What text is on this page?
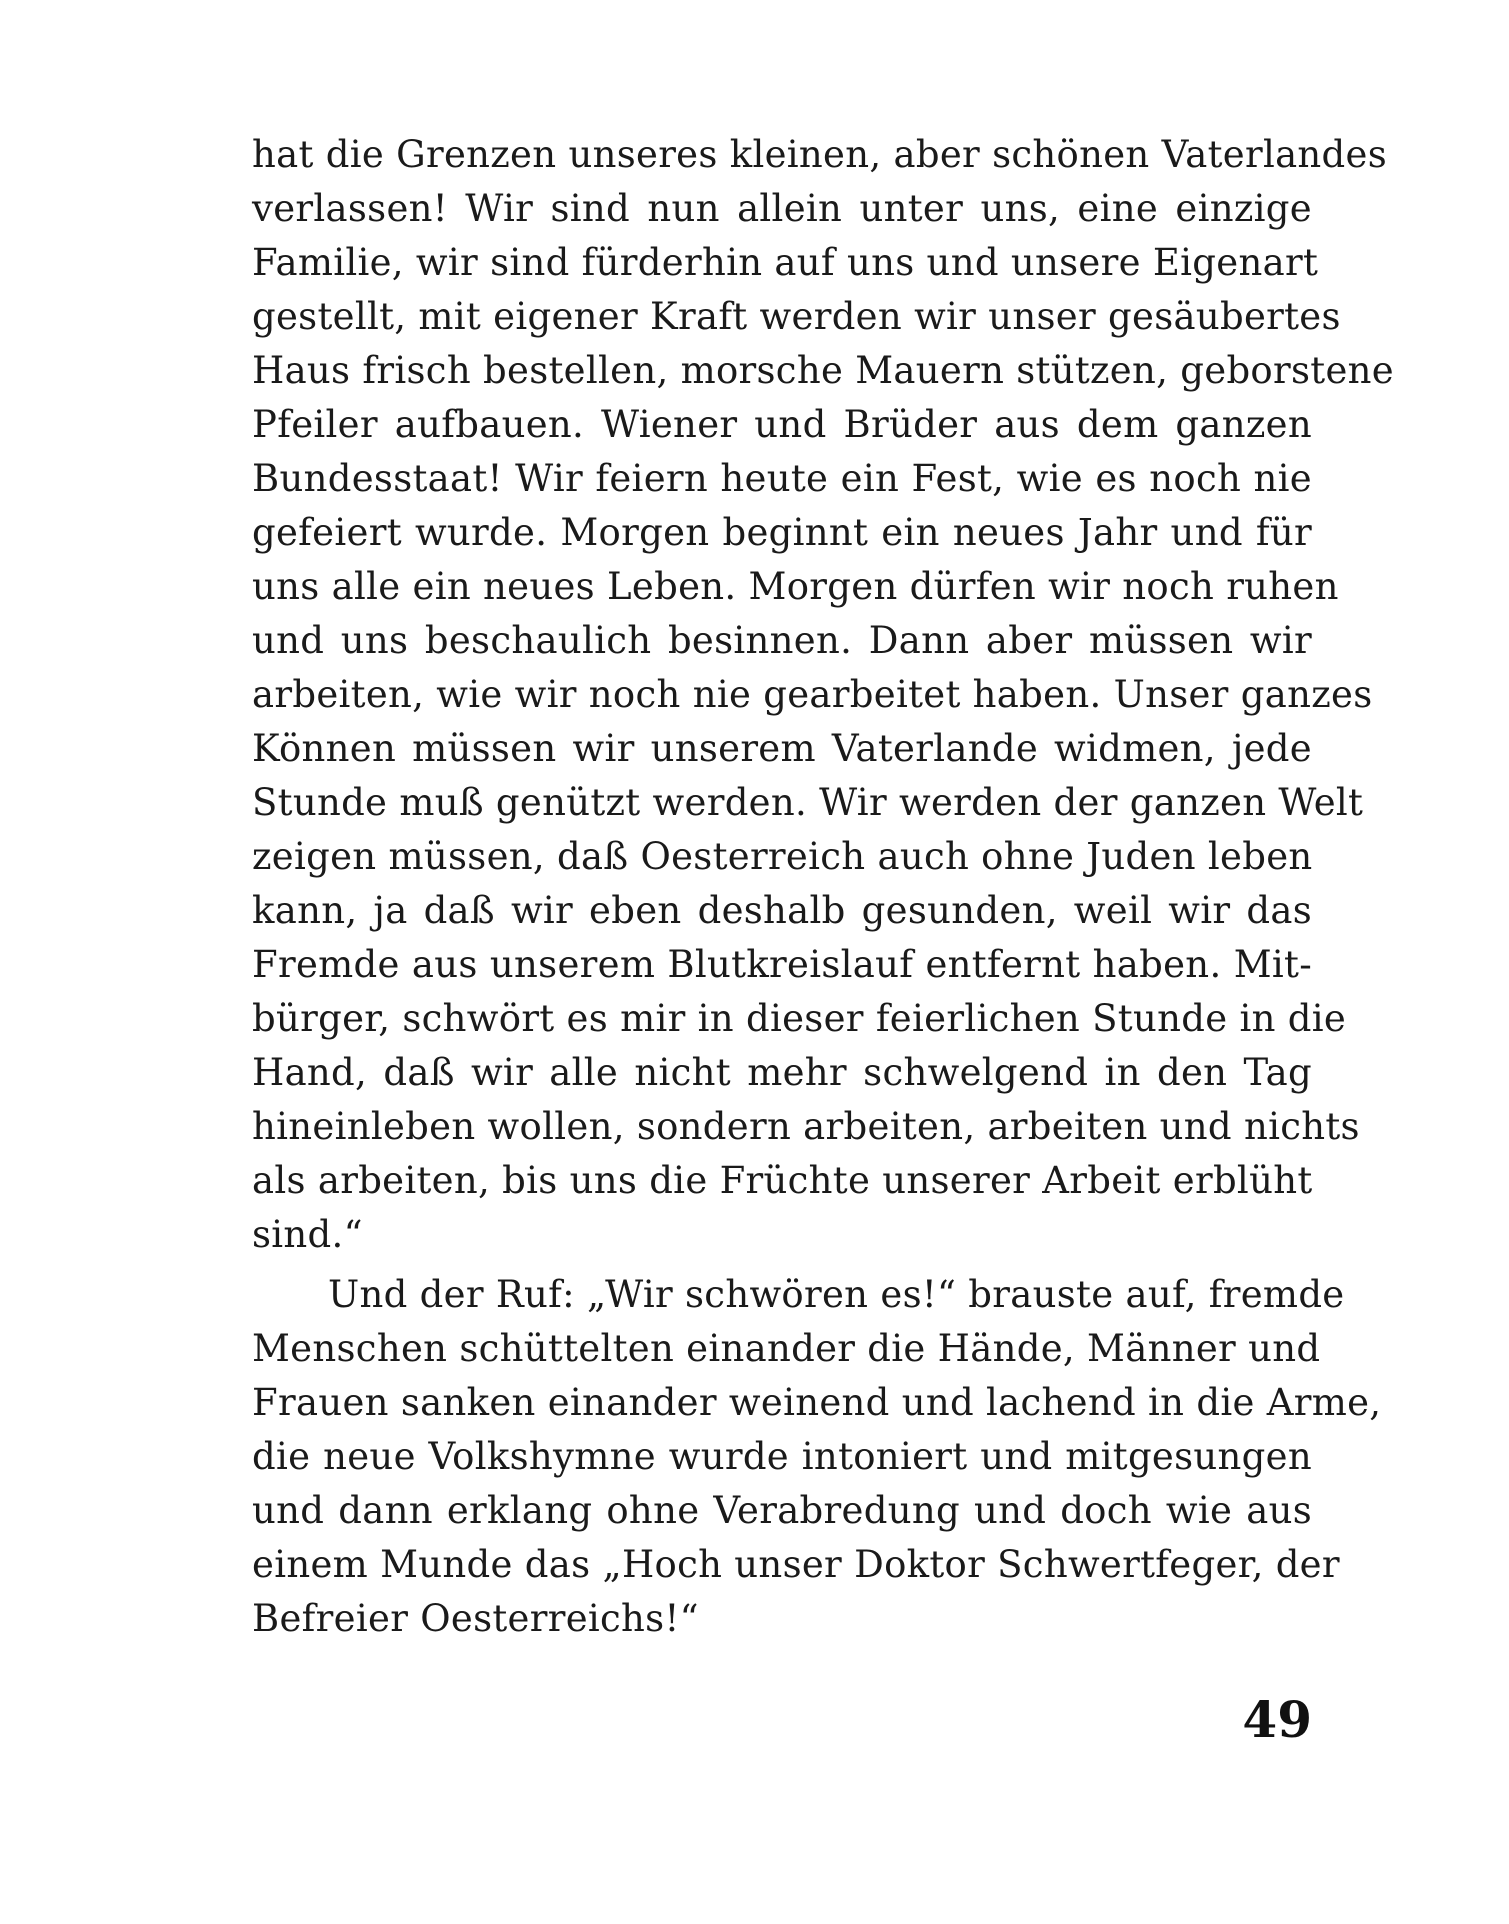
hat die Grenzen unseres kleinen, aber schönen Vaterlandes
verlassen! Wir sind nun allein unter uns, eine einzige
Familie, wir sind fürderhin auf uns und unsere Eigenart
gestellt, mit eigener Kraft werden wir unser gesäubertes
Haus frisch bestellen, morsche Mauern stützen, geborstene
Pfeiler aufbauen. Wiener und Brüder aus dem ganzen
Bundesstaat! Wir feiern heute ein Fest, wie es noch nie
gefeiert wurde. Morgen beginnt ein neues Jahr und für
uns alle ein neues Leben. Morgen dürfen wir noch ruhen
und uns beschaulich besinnen. Dann aber müssen wir
arbeiten, wie wir noch nie gearbeitet haben. Unser ganzes
Können müssen wir unserem Vaterlande widmen, jede
Stunde muß genützt werden. Wir werden der ganzen Welt
zeigen müssen, daß Oesterreich auch ohne Juden leben
kann, ja daß wir eben deshalb gesunden, weil wir das
Fremde aus unserem Blutkreislauf entfernt haben. Mit-
bürger, schwört es mir in dieser feierlichen Stunde in die
Hand, daß wir alle nicht mehr schwelgend in den Tag
hineinleben wollen, sondern arbeiten, arbeiten und nichts
als arbeiten, bis uns die Früchte unserer Arbeit erblüht
sind.“
Und der Ruf: „Wir schwören es!“ brauste auf, fremde
Menschen schüttelten einander die Hände, Männer und
Frauen sanken einander weinend und lachend in die Arme,
die neue Volkshymne wurde intoniert und mitgesungen
und dann erklang ohne Verabredung und doch wie aus
einem Munde das „Hoch unser Doktor Schwertfeger, der
Befreier Oesterreichs!“
49
